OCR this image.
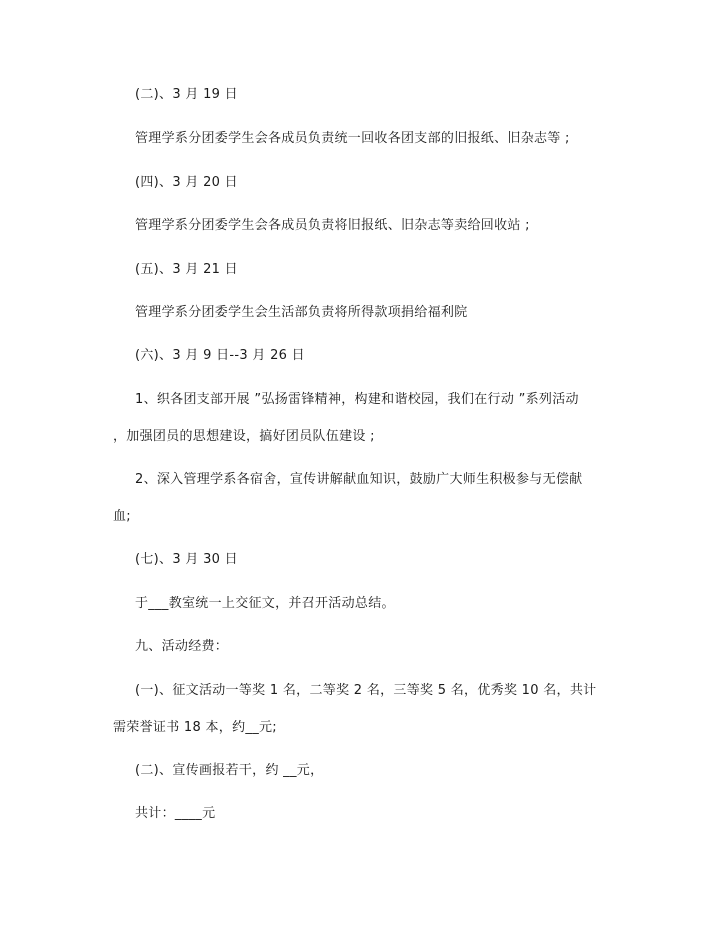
(二)、3 月 19 日
管理学系分团委学生会各成员负责统一回收各团支部的旧报纸、旧杂志等 ;
(四)、3 月 20 日
管理学系分团委学生会各成员负责将旧报纸、旧杂志等卖给回收站 ;
(五)、3 月 21 日
管理学系分团委学生会生活部负责将所得款项捐给福利院
(六)、3 月 9 日--3 月 26 日
1、织各团支部开展 ”弘扬雷锋精神，构建和谐校园，我们在行动 ”系列活动
，加强团员的思想建设，搞好团员队伍建设 ;
2、深入管理学系各宿舍，宣传讲解献血知识，鼓励广大师生积极参与无偿献
血;
(七)、3 月 30 日
于___教室统一上交征文，并召开活动总结。
九、活动经费：
(一)、征文活动一等奖 1 名，二等奖 2 名，三等奖 5 名，优秀奖 10 名，共计
需荣誉证书 18 本，约__元;
(二)、宣传画报若干，约 __元，
共计：____元
